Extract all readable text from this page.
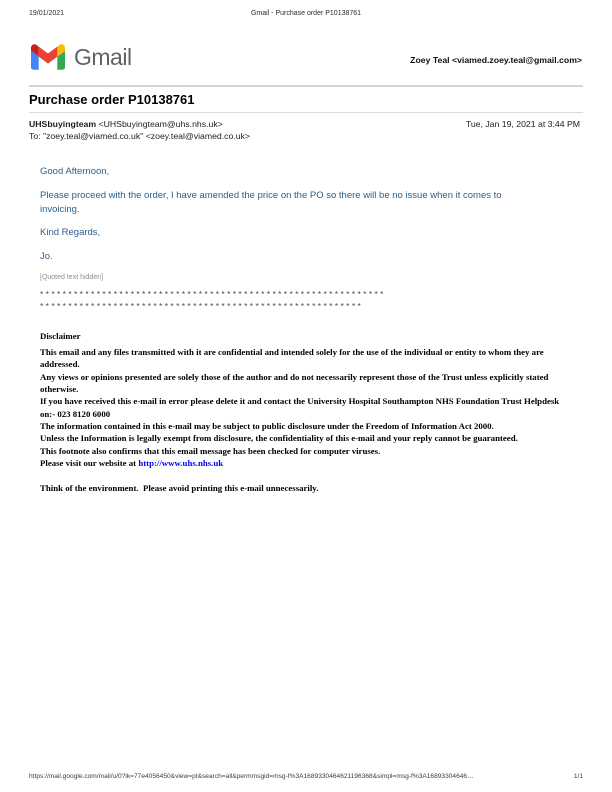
19/01/2021	Gmail - Purchase order P10138761
Gmail	Zoey Teal <viamed.zoey.teal@gmail.com>
Purchase order P10138761
UHSbuyingteam <UHSbuyingteam@uhs.nhs.uk>	Tue, Jan 19, 2021 at 3:44 PM
To: "zoey.teal@viamed.co.uk" <zoey.teal@viamed.co.uk>

Good Afternoon,

Please proceed with the order, I have amended the price on the PO so there will be no issue when it comes to invoicing.

Kind Regards,

Jo.

[Quoted text hidden]
* * * * * * * * * * * * * * * * * * * * * * * * * * * * * * * * * * * * * * * * * * * * * * * * * * * * * * * * * * * * *
* * * * * * * * * * * * * * * * * * * * * * * * * * * * * * * * * * * * * * * * * * * * * * * * * * * * * * * * *
Disclaimer
This email and any files transmitted with it are confidential and intended solely for the use of the individual or entity to whom they are addressed.
Any views or opinions presented are solely those of the author and do not necessarily represent those of the Trust unless explicitly stated otherwise.
If you have received this e-mail in error please delete it and contact the University Hospital Southampton NHS Foundation Trust Helpdesk on:- 023 8120 6000
The information contained in this e-mail may be subject to public disclosure under the Freedom of Information Act 2000.
Unless the Information is legally exempt from disclosure, the confidentiality of this e-mail and your reply cannot be guaranteed.
This footnote also confirms that this email message has been checked for computer viruses.
Please visit our website at http://www.uhs.nhs.uk
Think of the environment.  Please avoid printing this e-mail unnecessarily.
https://mail.google.com/mail/u/0?ik=77e4056450&view=pt&search=all&permmsgid=msg-f%3A1689330464621196368&simpl=msg-f%3A16893304646…	1/1
